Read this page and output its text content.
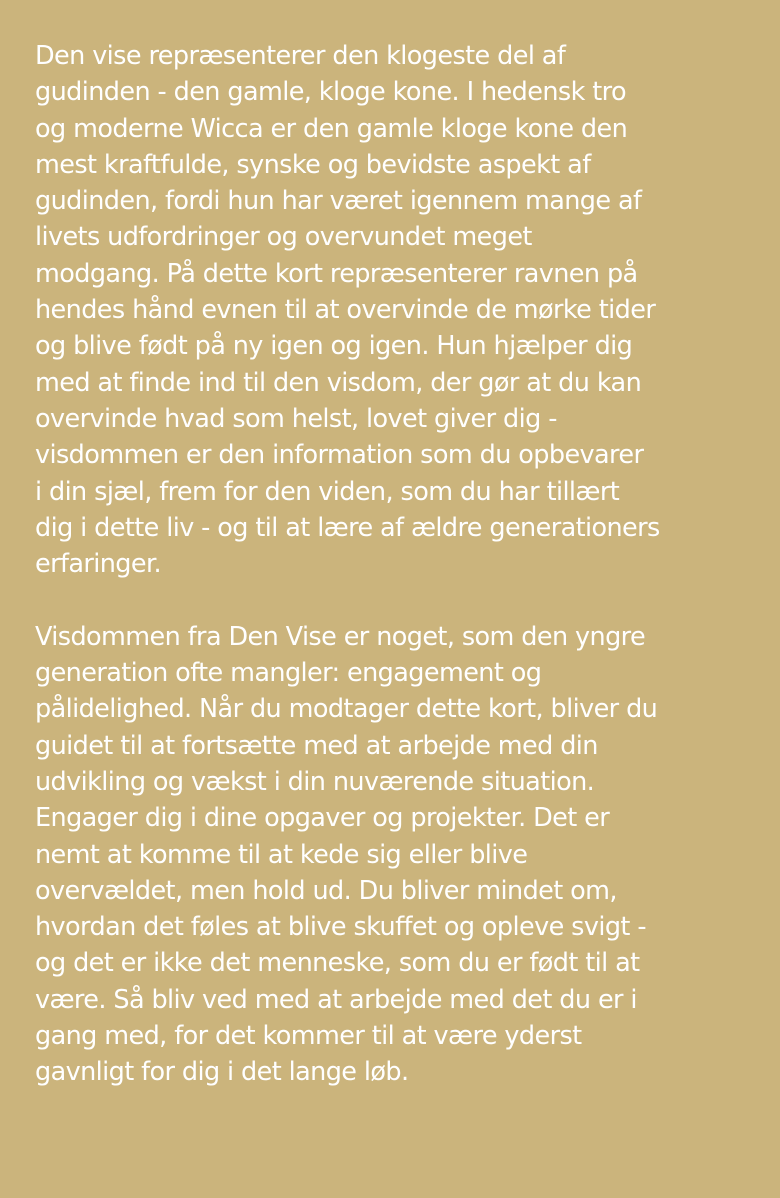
Den vise repræsenterer den klogeste del af
gudinden - den gamle, kloge kone. I hedensk tro
og moderne Wicca er den gamle kloge kone den
mest kraftfulde, synske og bevidste aspekt af
gudinden, fordi hun har været igennem mange af
livets udfordringer og overvundet meget
modgang. På dette kort repræsenterer ravnen på
hendes hånd evnen til at overvinde de mørke tider
og blive født på ny igen og igen. Hun hjælper dig
med at finde ind til den visdom, der gør at du kan
overvinde hvad som helst, lovet giver dig -
visdommen er den information som du opbevarer
i din sjæl, frem for den viden, som du har tillært
dig i dette liv - og til at lære af ældre generationers
erfaringer.

Visdommen fra Den Vise er noget, som den yngre
generation ofte mangler: engagement og
pålidelighed. Når du modtager dette kort, bliver du
guidet til at fortsætte med at arbejde med din
udvikling og vækst i din nuværende situation.
Engager dig i dine opgaver og projekter. Det er
nemt at komme til at kede sig eller blive
overvældet, men hold ud. Du bliver mindet om,
hvordan det føles at blive skuffet og opleve svigt -
og det er ikke det menneske, som du er født til at
være. Så bliv ved med at arbejde med det du er i
gang med, for det kommer til at være yderst
gavnligt for dig i det lange løb.
